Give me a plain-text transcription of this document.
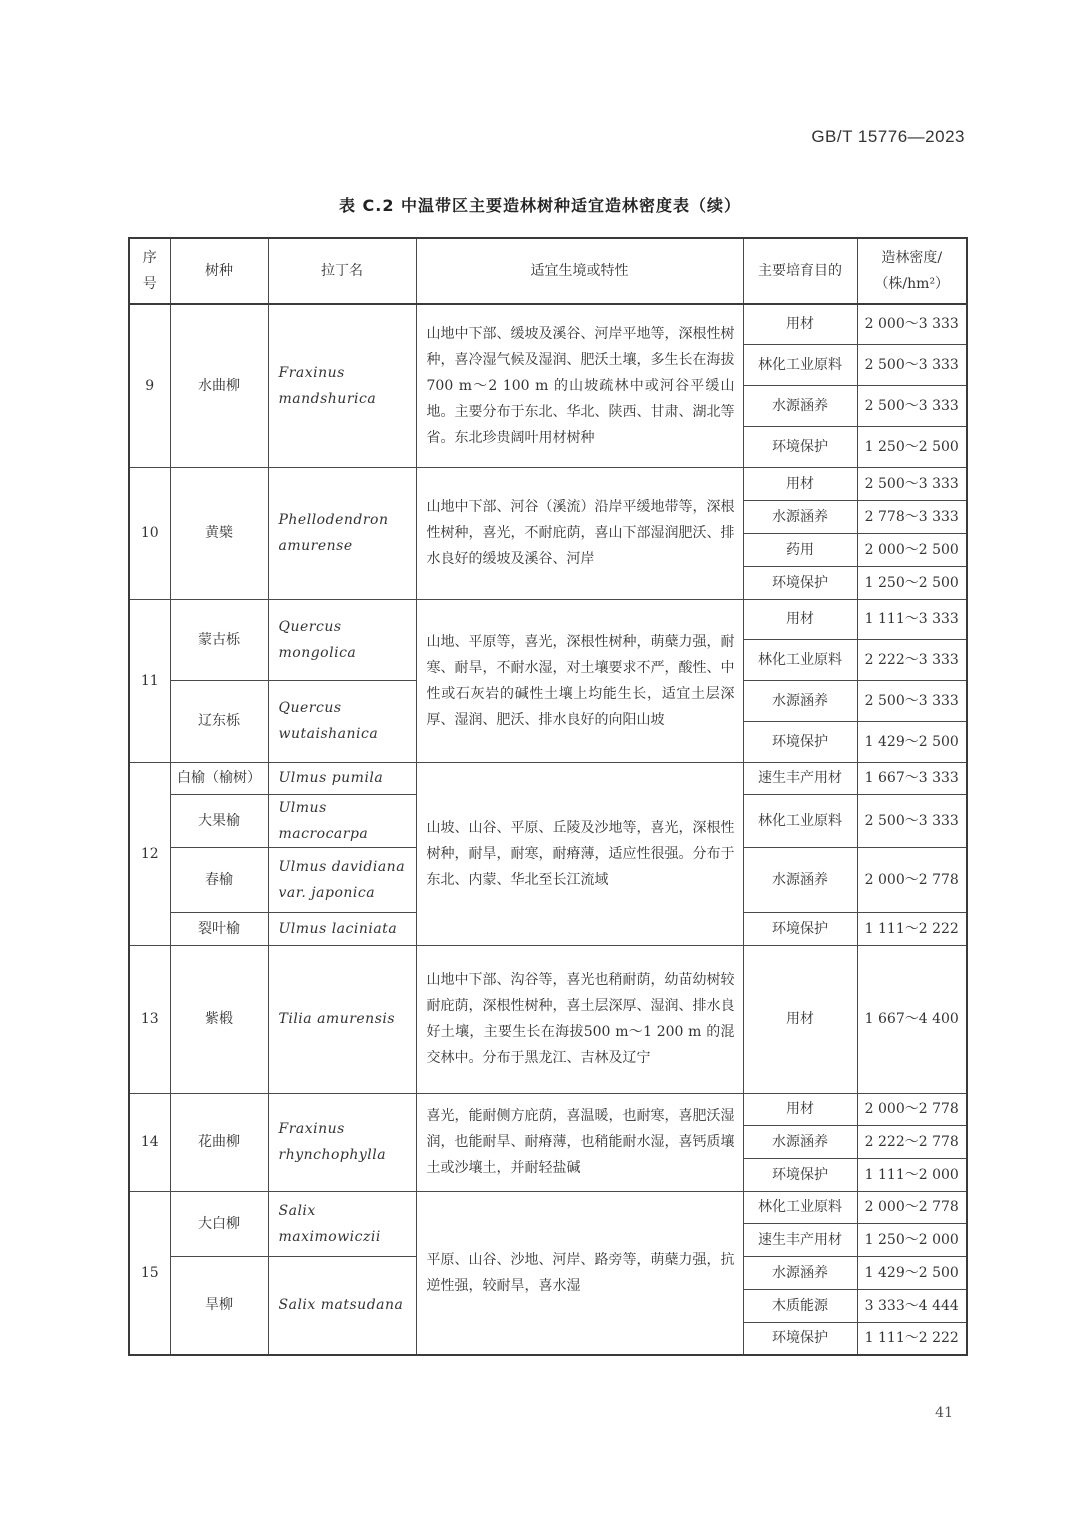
GB/T 15776—2023
表 C.2 中温带区主要造林树种适宜造林密度表（续）
序号	树种	拉丁名	适宜生境或特性	主要培育目的	造林密度/（株/hm²）
9	水曲柳	Fraxinus mandshurica	山地中下部、缓坡及溪谷、河岸平地等，深根性树种，喜冷湿气候及湿润、肥沃土壤，多生长在海拔700 m～2 100 m 的山坡疏林中或河谷平缓山地。主要分布于东北、华北、陕西、甘肃、湖北等省。东北珍贵阔叶用材树种	用材	2 000～3 333
				林化工业原料	2 500～3 333
				水源涵养	2 500～3 333
				环境保护	1 250～2 500
10	黄檗	Phellodendron amurense	山地中下部、河谷（溪流）沿岸平缓地带等，深根性树种，喜光，不耐庇荫，喜山下部湿润肥沃、排水良好的缓坡及溪谷、河岸	用材	2 500～3 333
				水源涵养	2 778～3 333
				药用	2 000～2 500
				环境保护	1 250～2 500
11	蒙古栎	Quercus mongolica	山地、平原等，喜光，深根性树种，萌蘖力强，耐寒、耐旱，不耐水湿，对土壤要求不严，酸性、中性或石灰岩的碱性土壤上均能生长，适宜土层深厚、湿润、肥沃、排水良好的向阳山坡	用材	1 111～3 333
				林化工业原料	2 222～3 333
	辽东栎	Quercus wutaishanica		水源涵养	2 500～3 333
				环境保护	1 429～2 500
12	白榆（榆树）	Ulmus pumila	山坡、山谷、平原、丘陵及沙地等，喜光，深根性树种，耐旱，耐寒，耐瘠薄，适应性很强。分布于东北、内蒙、华北至长江流域	速生丰产用材	1 667～3 333
	大果榆	Ulmus macrocarpa		林化工业原料	2 500～3 333
	春榆	Ulmus davidiana var. japonica		水源涵养	2 000～2 778
	裂叶榆	Ulmus laciniata		环境保护	1 111～2 222
13	紫椴	Tilia amurensis	山地中下部、沟谷等，喜光也稍耐荫，幼苗幼树较耐庇荫，深根性树种，喜土层深厚、湿润、排水良好土壤，主要生长在海拔500 m～1 200 m 的混交林中。分布于黑龙江、吉林及辽宁	用材	1 667～4 400
14	花曲柳	Fraxinus rhynchophylla	喜光，能耐侧方庇荫，喜温暖，也耐寒，喜肥沃湿润，也能耐旱、耐瘠薄，也稍能耐水湿，喜钙质壤土或沙壤土，并耐轻盐碱	用材	2 000～2 778
				水源涵养	2 222～2 778
				环境保护	1 111～2 000
15	大白柳	Salix maximowiczii	平原、山谷、沙地、河岸、路旁等，萌蘖力强，抗逆性强，较耐旱，喜水湿	林化工业原料	2 000～2 778
				速生丰产用材	1 250～2 000
	旱柳	Salix matsudana		水源涵养	1 429～2 500
				木质能源	3 333～4 444
				环境保护	1 111～2 222
41
